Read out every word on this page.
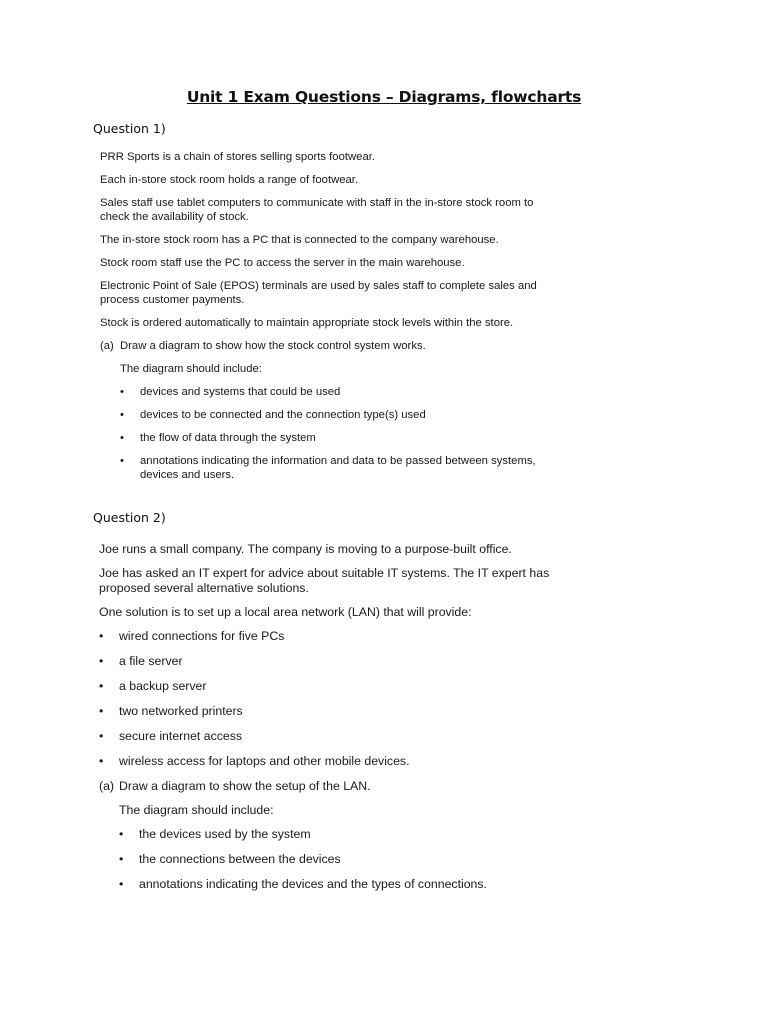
Unit 1 Exam Questions – Diagrams, flowcharts
Question 1)

PRR Sports is a chain of stores selling sports footwear.

Each in-store stock room holds a range of footwear.

Sales staff use tablet computers to communicate with staff in the in-store stock room to check the availability of stock.

The in-store stock room has a PC that is connected to the company warehouse.

Stock room staff use the PC to access the server in the main warehouse.

Electronic Point of Sale (EPOS) terminals are used by sales staff to complete sales and process customer payments.

Stock is ordered automatically to maintain appropriate stock levels within the store.

(a) Draw a diagram to show how the stock control system works.

The diagram should include:

•	devices and systems that could be used
•	devices to be connected and the connection type(s) used
•	the flow of data through the system
•	annotations indicating the information and data to be passed between systems, devices and users.
Question 2)

Joe runs a small company. The company is moving to a purpose-built office.

Joe has asked an IT expert for advice about suitable IT systems. The IT expert has proposed several alternative solutions.

One solution is to set up a local area network (LAN) that will provide:

•	wired connections for five PCs
•	a file server
•	a backup server
•	two networked printers
•	secure internet access
•	wireless access for laptops and other mobile devices.
(a) Draw a diagram to show the setup of the LAN.

The diagram should include:

•	the devices used by the system
•	the connections between the devices
•	annotations indicating the devices and the types of connections.
